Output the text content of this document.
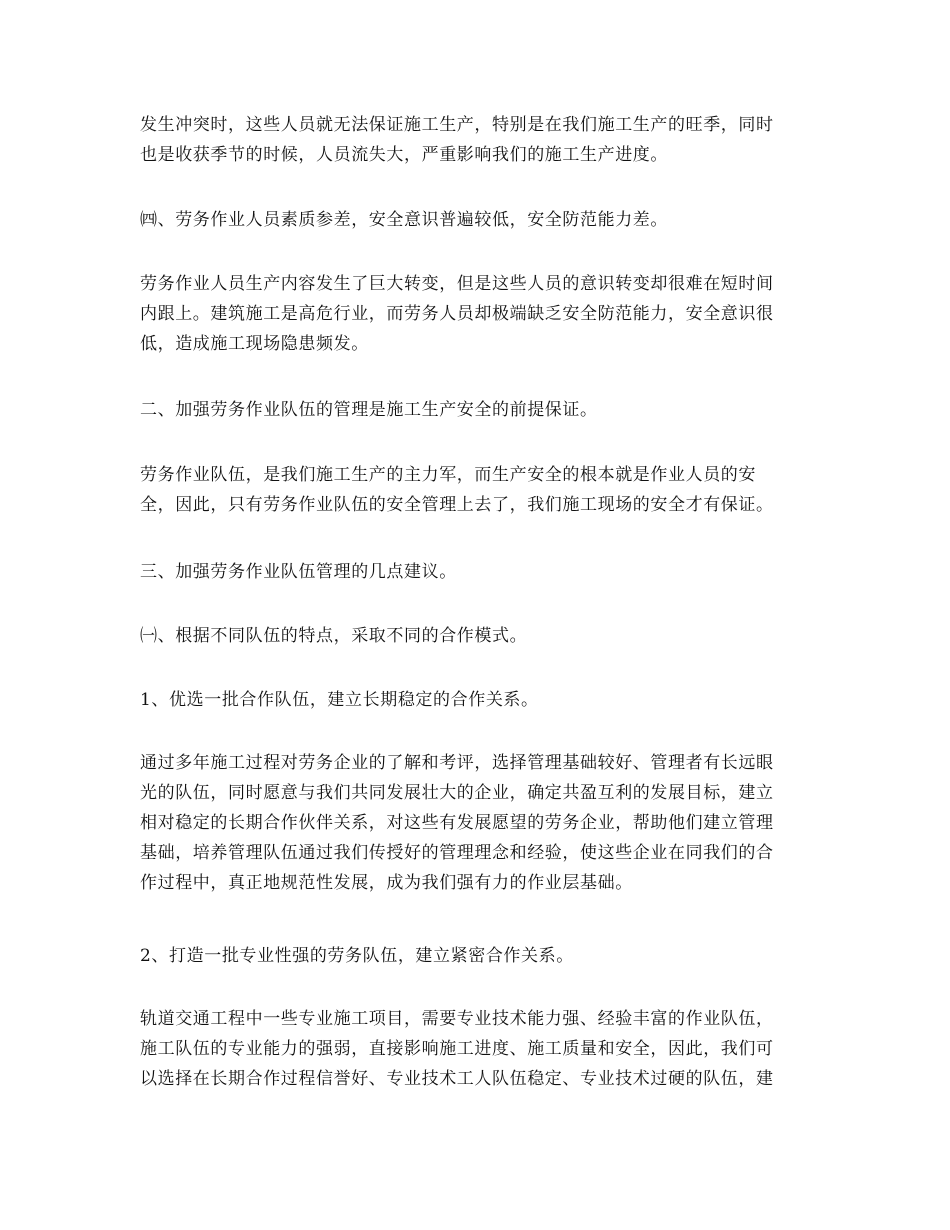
发生冲突时，这些人员就无法保证施工生产，特别是在我们施工生产的旺季，同时
也是收获季节的时候，人员流失大，严重影响我们的施工生产进度。

㈣、劳务作业人员素质参差，安全意识普遍较低，安全防范能力差。

劳务作业人员生产内容发生了巨大转变，但是这些人员的意识转变却很难在短时间
内跟上。建筑施工是高危行业，而劳务人员却极端缺乏安全防范能力，安全意识很
低，造成施工现场隐患频发。

二、加强劳务作业队伍的管理是施工生产安全的前提保证。

劳务作业队伍，是我们施工生产的主力军，而生产安全的根本就是作业人员的安
全，因此，只有劳务作业队伍的安全管理上去了，我们施工现场的安全才有保证。

三、加强劳务作业队伍管理的几点建议。

㈠、根据不同队伍的特点，采取不同的合作模式。

1、优选一批合作队伍，建立长期稳定的合作关系。

通过多年施工过程对劳务企业的了解和考评，选择管理基础较好、管理者有长远眼
光的队伍，同时愿意与我们共同发展壮大的企业，确定共盈互利的发展目标，建立
相对稳定的长期合作伙伴关系，对这些有发展愿望的劳务企业，帮助他们建立管理
基础，培养管理队伍通过我们传授好的管理理念和经验，使这些企业在同我们的合
作过程中，真正地规范性发展，成为我们强有力的作业层基础。

2、打造一批专业性强的劳务队伍，建立紧密合作关系。

轨道交通工程中一些专业施工项目，需要专业技术能力强、经验丰富的作业队伍，
施工队伍的专业能力的强弱，直接影响施工进度、施工质量和安全，因此，我们可
以选择在长期合作过程信誉好、专业技术工人队伍稳定、专业技术过硬的队伍，建
